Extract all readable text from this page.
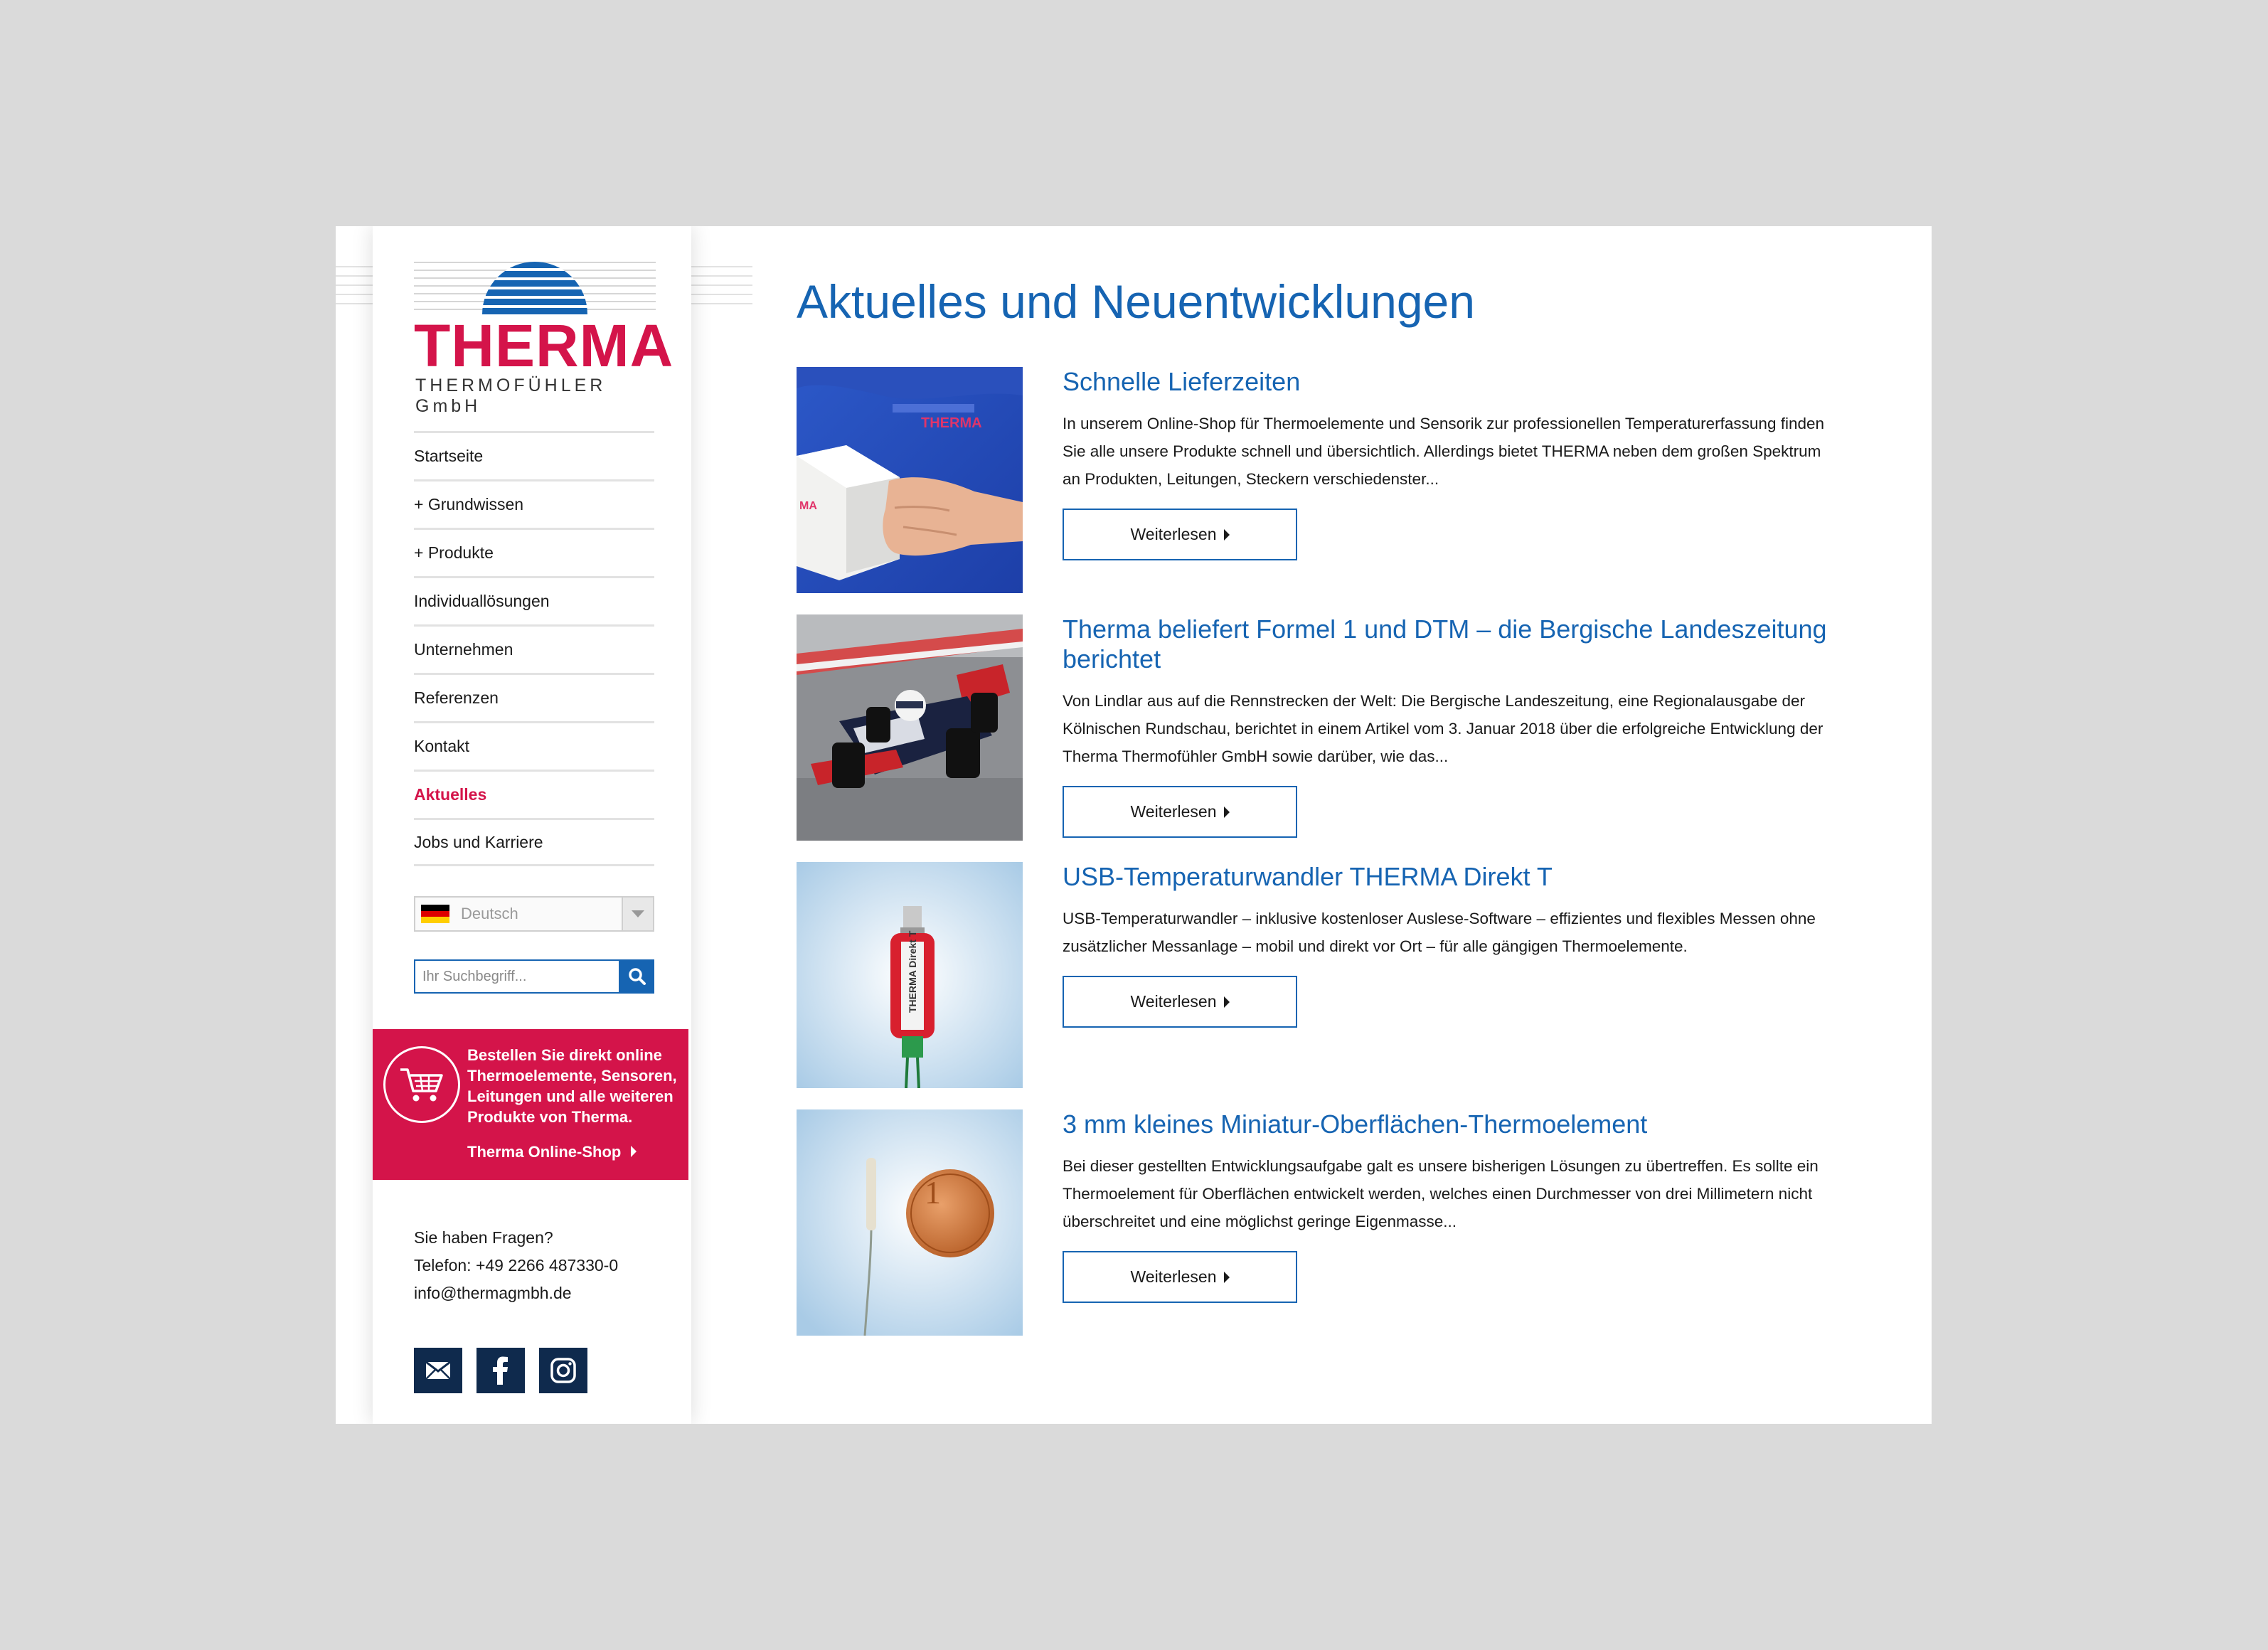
THERMA
THERMOFÜHLER GmbH
Startseite
+ Grundwissen
+ Produkte
Individuallösungen
Unternehmen
Referenzen
Kontakt
Aktuelles
Jobs und Karriere
Deutsch
Ihr Suchbegriff...
Bestellen Sie direkt online Thermoelemente, Sensoren, Leitungen und alle weiteren Produkte von Therma.
Therma Online-Shop
Sie haben Fragen?
Telefon: +49 2266 487330-0
info@thermagmbh.de
Aktuelles und Neuentwicklungen
THERMA
MA
Schnelle Lieferzeiten

In unserem Online-Shop für Thermoelemente und Sensorik zur professionellen Temperaturerfassung finden Sie alle unsere Produkte schnell und übersichtlich. Allerdings bietet THERMA neben dem großen Spektrum an Produkten, Leitungen, Steckern verschiedenster...

Weiterlesen
Therma beliefert Formel 1 und DTM – die Bergische Landeszeitung berichtet

Von Lindlar aus auf die Rennstrecken der Welt: Die Bergische Landeszeitung, eine Regionalausgabe der Kölnischen Rundschau, berichtet in einem Artikel vom 3. Januar 2018 über die erfolgreiche Entwicklung der Therma Thermofühler GmbH sowie darüber, wie das...

Weiterlesen
THERMA Direkt T
USB-Temperaturwandler THERMA Direkt T

USB-Temperaturwandler – inklusive kostenloser Auslese-Software – effizientes und flexibles Messen ohne zusätzlicher Messanlage – mobil und direkt vor Ort – für alle gängigen Thermoelemente.

Weiterlesen
1
3 mm kleines Miniatur-Oberflächen-Thermoelement

Bei dieser gestellten Entwicklungsaufgabe galt es unsere bisherigen Lösungen zu übertreffen. Es sollte ein Thermoelement für Oberflächen entwickelt werden, welches einen Durchmesser von drei Millimetern nicht überschreitet und eine möglichst geringe Eigenmasse...

Weiterlesen
